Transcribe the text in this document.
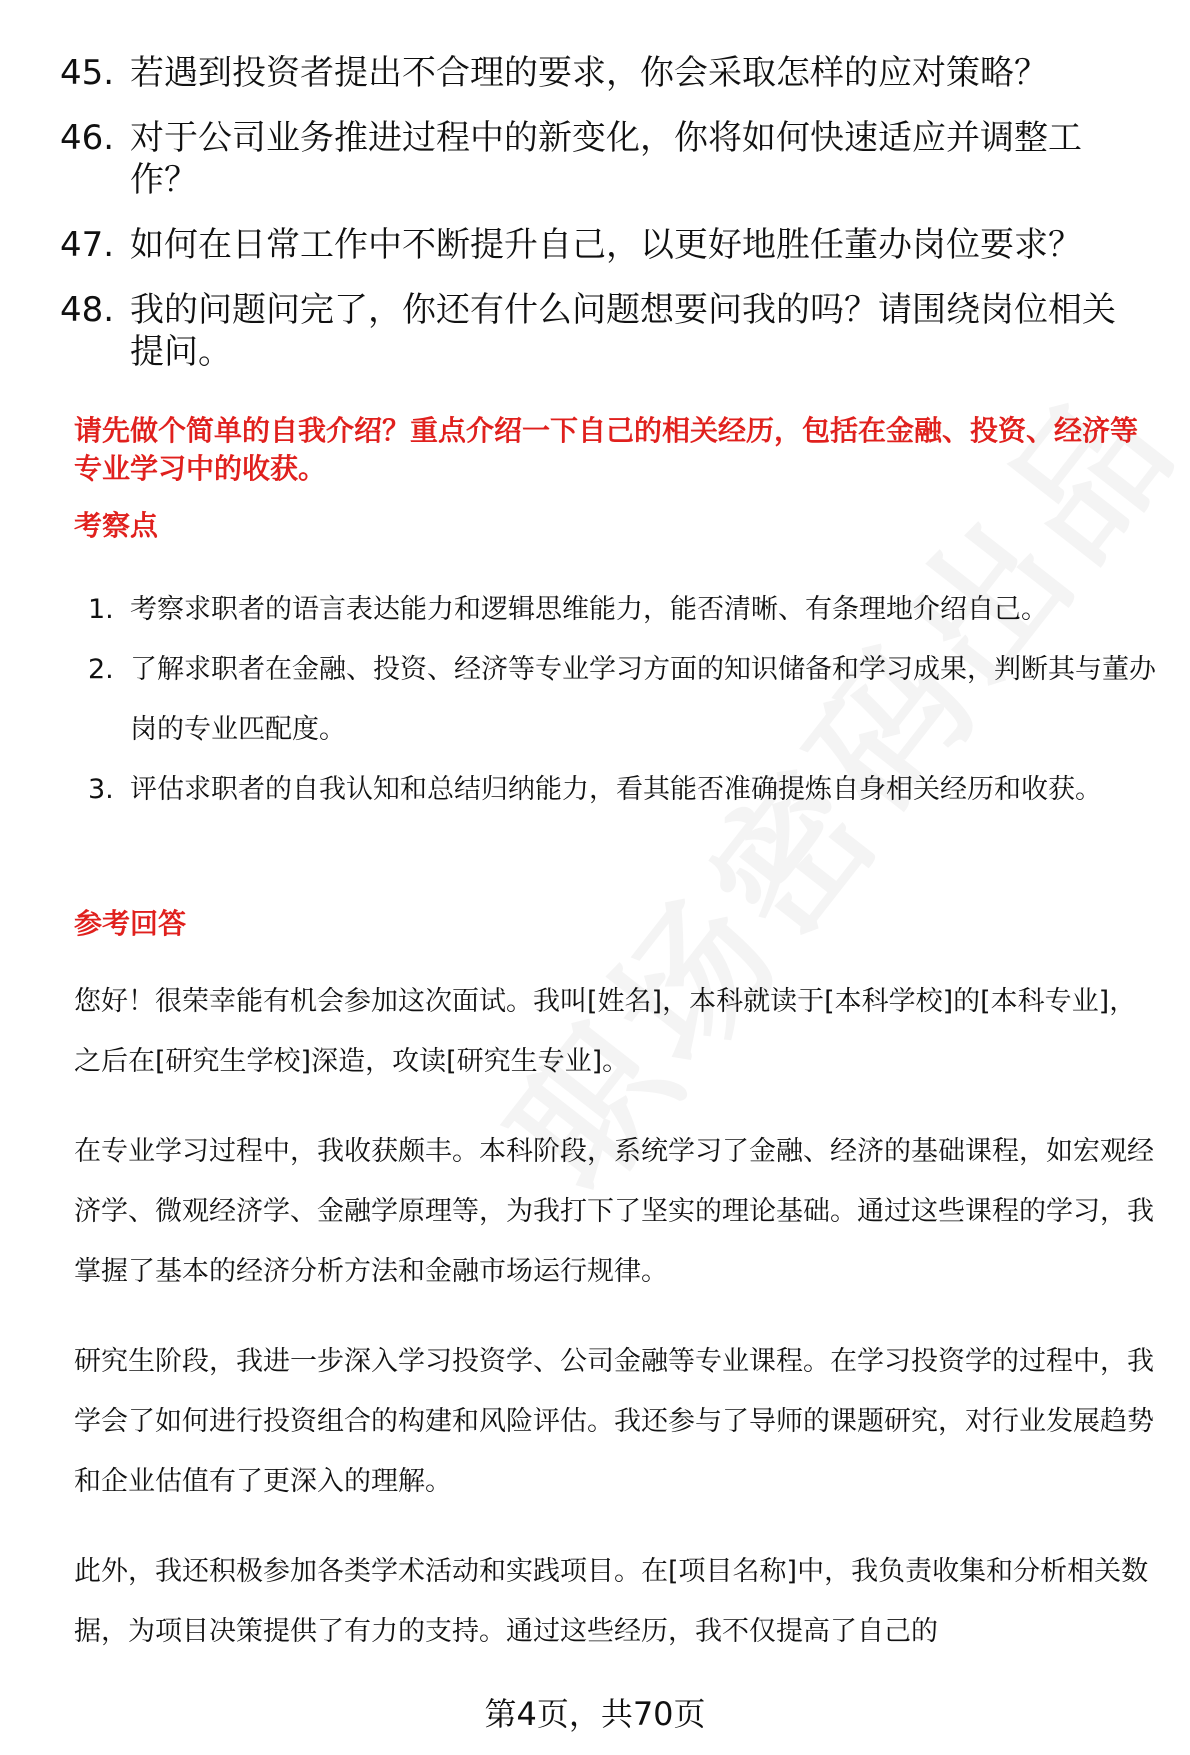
45. 若遇到投资者提出不合理的要求，你会采取怎样的应对策略？
46. 对于公司业务推进过程中的新变化，你将如何快速适应并调整工作？
47. 如何在日常工作中不断提升自己，以更好地胜任董办岗位要求？
48. 我的问题问完了，你还有什么问题想要问我的吗？请围绕岗位相关提问。

请先做个简单的自我介绍？重点介绍一下自己的相关经历，包括在金融、投资、经济等专业学习中的收获。

考察点
1. 考察求职者的语言表达能力和逻辑思维能力，能否清晰、有条理地介绍自己。
2. 了解求职者在金融、投资、经济等专业学习方面的知识储备和学习成果，判断其与董办岗的专业匹配度。
3. 评估求职者的自我认知和总结归纳能力，看其能否准确提炼自身相关经历和收获。
参考回答

您好！很荣幸能有机会参加这次面试。我叫[姓名]，本科就读于[本科学校]的[本科专业]，之后在[研究生学校]深造，攻读[研究生专业]。

在专业学习过程中，我收获颇丰。本科阶段，系统学习了金融、经济的基础课程，如宏观经济学、微观经济学、金融学原理等，为我打下了坚实的理论基础。通过这些课程的学习，我掌握了基本的经济分析方法和金融市场运行规律。

研究生阶段，我进一步深入学习投资学、公司金融等专业课程。在学习投资学的过程中，我学会了如何进行投资组合的构建和风险评估。我还参与了导师的课题研究，对行业发展趋势和企业估值有了更深入的理解。

此外，我还积极参加各类学术活动和实践项目。在[项目名称]中，我负责收集和分析相关数据，为项目决策提供了有力的支持。通过这些经历，我不仅提高了自己的

第4页，共70页
